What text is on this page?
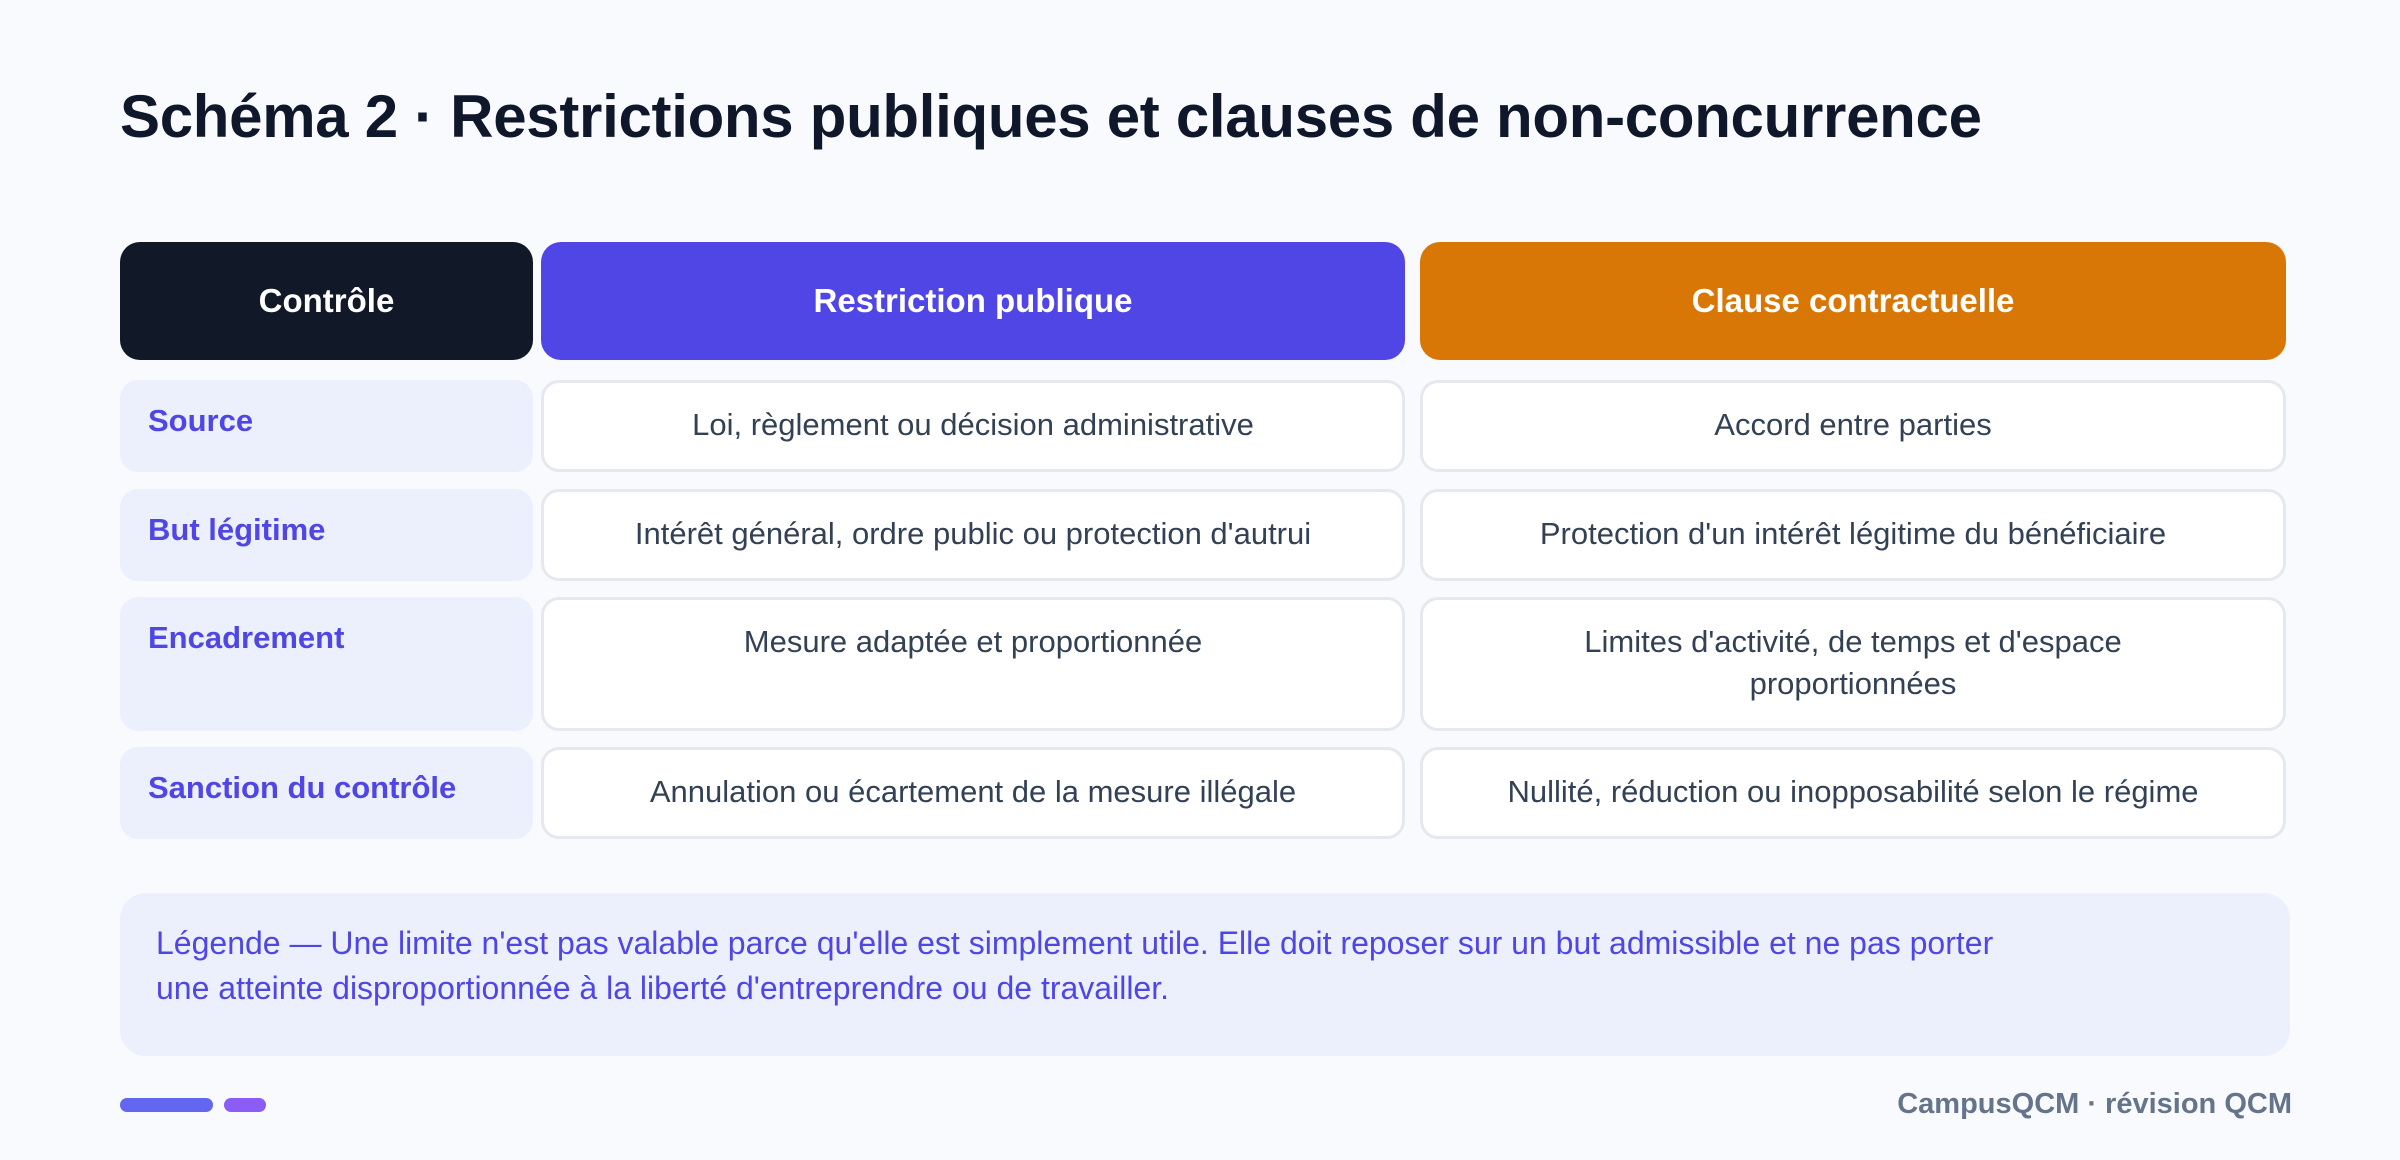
Schéma 2 · Restrictions publiques et clauses de non-concurrence
Contrôle	Restriction publique	Clause contractuelle
Source	Loi, règlement ou décision administrative	Accord entre parties
But légitime	Intérêt général, ordre public ou protection d'autrui	Protection d'un intérêt légitime du bénéficiaire
Encadrement	Mesure adaptée et proportionnée	Limites d'activité, de temps et d'espace
proportionnées
Sanction du contrôle	Annulation ou écartement de la mesure illégale	Nullité, réduction ou inopposabilité selon le régime

Légende — Une limite n'est pas valable parce qu'elle est simplement utile. Elle doit reposer sur un but admissible et ne pas porter

une atteinte disproportionnée à la liberté d'entreprendre ou de travailler.

CampusQCM · révision QCM
